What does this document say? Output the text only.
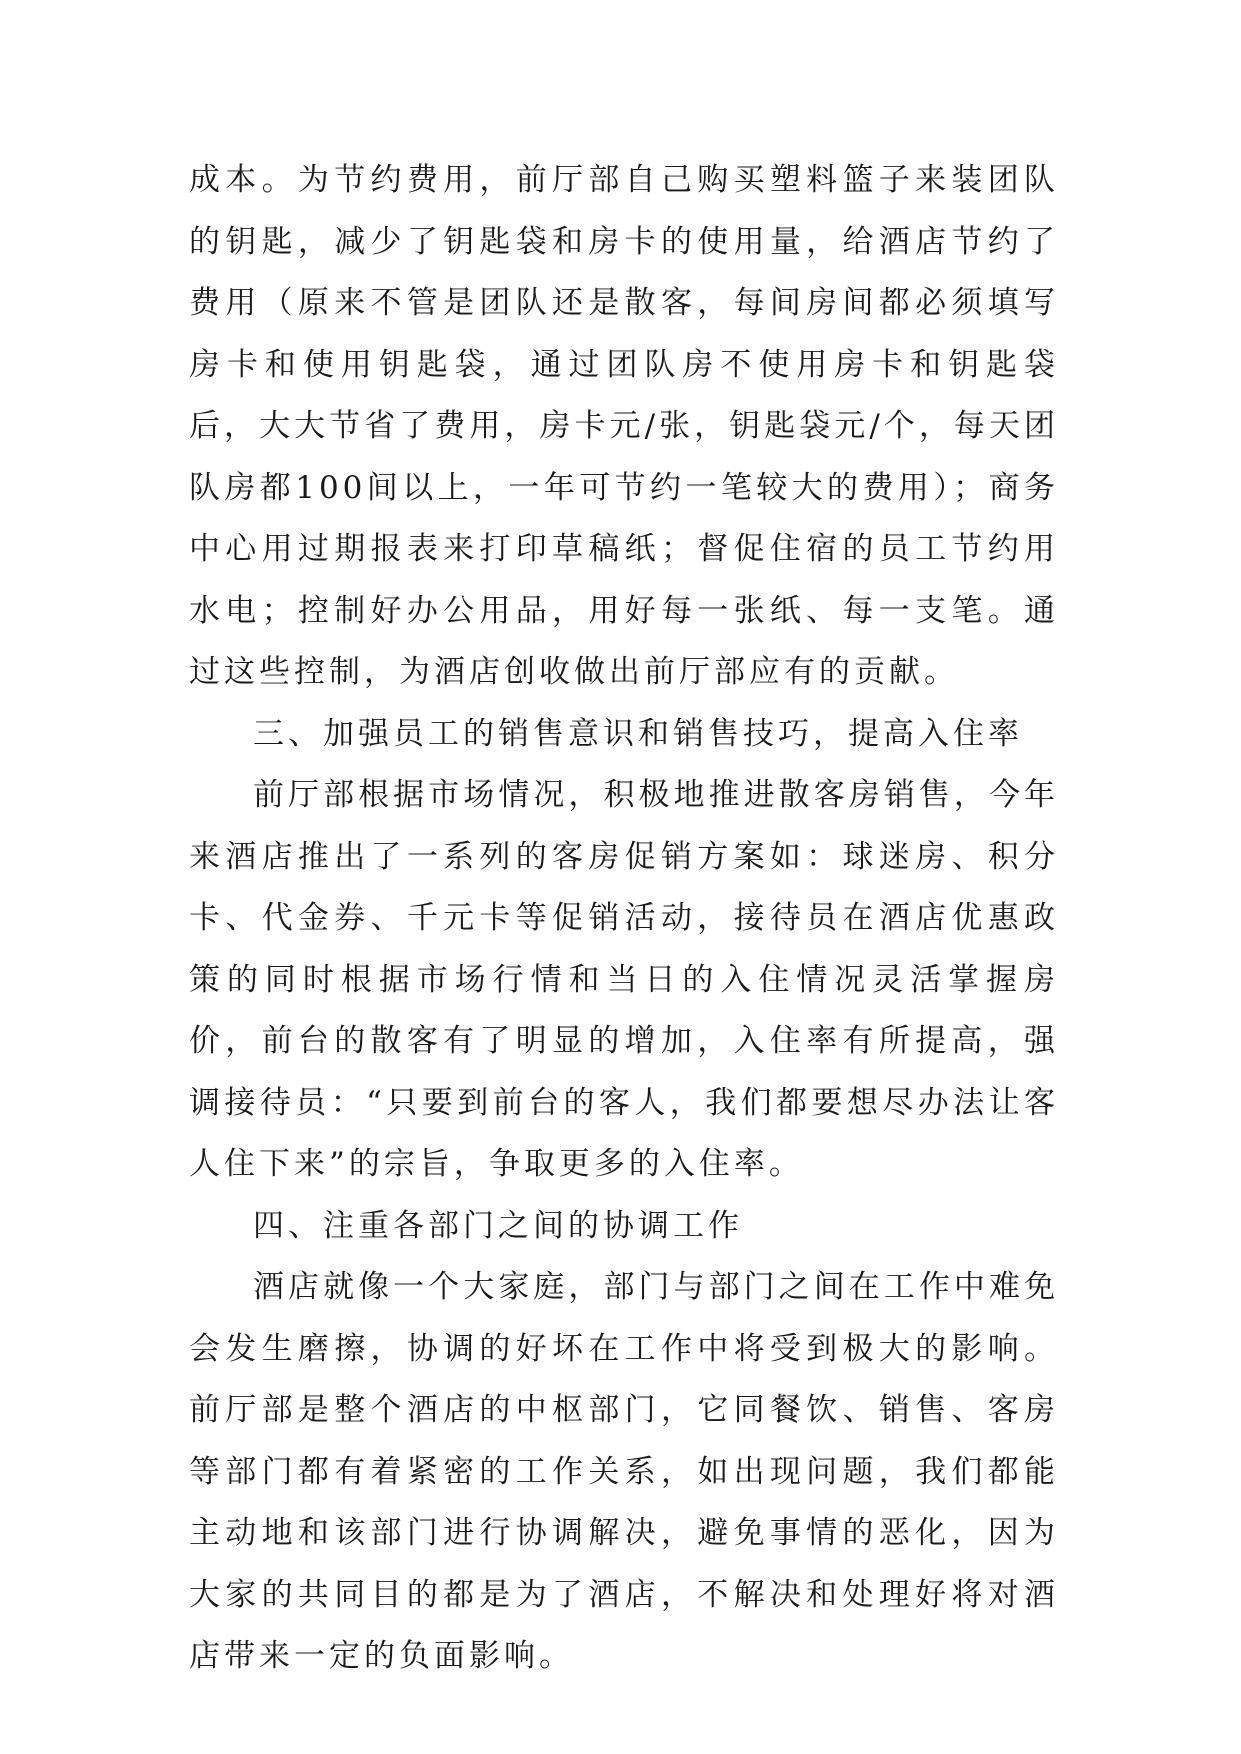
成本。为节约费用，前厅部自己购买塑料篮子来装团队的钥匙，减少了钥匙袋和房卡的使用量，给酒店节约了费用（原来不管是团队还是散客，每间房间都必须填写房卡和使用钥匙袋，通过团队房不使用房卡和钥匙袋后，大大节省了费用，房卡元/张，钥匙袋元/个，每天团队房都100间以上，一年可节约一笔较大的费用）；商务中心用过期报表来打印草稿纸；督促住宿的员工节约用水电；控制好办公用品，用好每一张纸、每一支笔。通过这些控制，为酒店创收做出前厅部应有的贡献。

三、加强员工的销售意识和销售技巧，提高入住率

前厅部根据市场情况，积极地推进散客房销售，今年来酒店推出了一系列的客房促销方案如：球迷房、积分卡、代金券、千元卡等促销活动，接待员在酒店优惠政策的同时根据市场行情和当日的入住情况灵活掌握房价，前台的散客有了明显的增加，入住率有所提高，强调接待员：“只要到前台的客人，我们都要想尽办法让客人住下来”的宗旨，争取更多的入住率。

四、注重各部门之间的协调工作

酒店就像一个大家庭，部门与部门之间在工作中难免会发生磨擦，协调的好坏在工作中将受到极大的影响。前厅部是整个酒店的中枢部门，它同餐饮、销售、客房等部门都有着紧密的工作关系，如出现问题，我们都能主动地和该部门进行协调解决，避免事情的恶化，因为大家的共同目的都是为了酒店，不解决和处理好将对酒店带来一定的负面影响。
